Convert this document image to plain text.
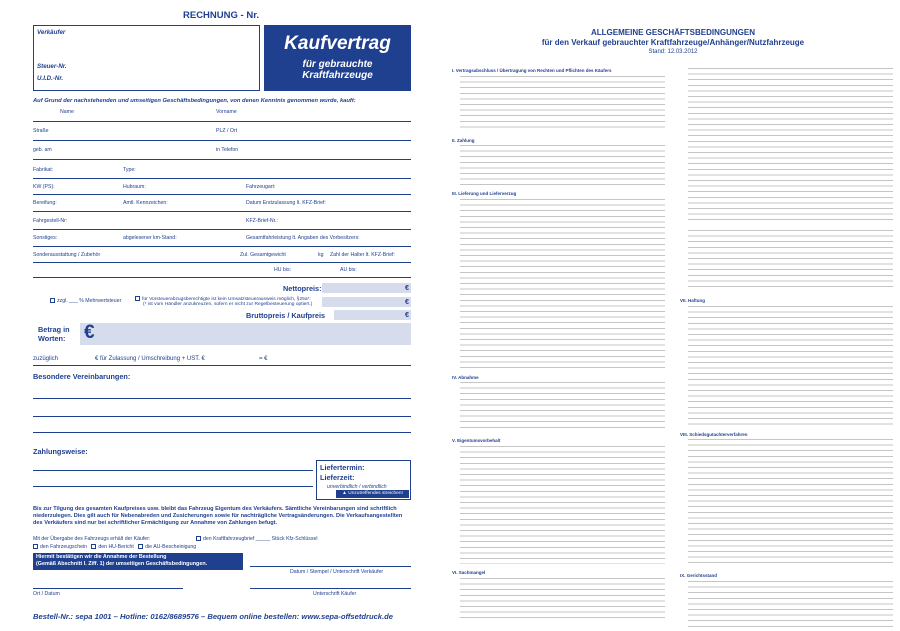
RECHNUNG - Nr.
Verkäufer
Steuer-Nr.
U.I.D.-Nr.
Kaufvertrag
für gebrauchte
Kraftfahrzeuge
Auf Grund der nachstehenden und umseitigen Geschäftsbedingungen, von denen Kenntnis genommen wurde, kauft:
Name	Vorname
Straße	PLZ / Ort
geb. am	in Telefon
Fabrikat:	Type:
KW (PS):	Hubraum:	Fahrzeugart:
Bereifung:	Amtl. Kennzeichen:	Datum Erstzulassung lt. KFZ-Brief:
Fahrgestell-Nr:	KFZ-Brief-Nr.:
Sonstiges:	abgelesener km-Stand:	Gesamtfahrleistung lt. Angaben des Vorbesitzers:
Sonderausstattung / Zubehör	Zul. Gesamtgewicht	kg Zahl der Halter lt. KFZ-Brief:
HU bis:	AU bis:
Nettopreis:	€
zzgl. ___ % Mehrwertsteuer	für Vorsteuerabzugsberechtigte ist kein Umsatzsteuerausweis möglich, §25a*:
(* ist vom Händler anzukreuzen, sofern er nicht zur Regelbesteuerung optiert.)	€
Bruttopreis / Kaufpreis	€
Betrag in
Worten: €
zuzüglich	€ für Zulassung / Umschreibung + UST. €	= €
Besondere Vereinbarungen:
Zahlungsweise:
Liefertermin:
Lieferzeit:
unverbindlich / verbindlich
▲ Unzutreffendes streichen!
Bis zur Tilgung des gesamten Kaufpreises usw. bleibt das Fahrzeug Eigentum des Verkäufers. Sämtliche Vereinbarungen sind schriftlich niederzulegen. Dies gilt auch für Nebenabreden und Zusicherungen sowie für nachträgliche Vertragsänderungen. Die Verkaufsangestellten des Verkäufers sind nur bei schriftlicher Ermächtigung zur Annahme von Zahlungen befugt.
Mit der Übergabe des Fahrzeugs erhält der Käufer:	den Kraftfahrzeugbrief _____ Stück Kfz-Schlüssel
den Fahrzeugschein den HU-Bericht die AU-Bescheinigung
Hiermit bestätigen wir die Annahme der Bestellung
(Gemäß Abschnitt I. Ziff. 1) der umseitigen Geschäftsbedingungen.
Datum / Stempel / Unterschrift Verkäufer
Ort / Datum	Unterschrift Käufer
Bestell-Nr.: sepa 1001 – Hotline: 0162/8689576 – Bequem online bestellen: www.sepa-offsetdruck.de
ALLGEMEINE GESCHÄFTSBEDINGUNGEN
für den Verkauf gebrauchter Kraftfahrzeuge/Anhänger/Nutzfahrzeuge
Stand: 12.03.2012
I. Vertragsabschluss / Übertragung von Rechten und Pflichten des Käufers
II. Zahlung
III. Lieferung und Lieferverzug
IV. Abnahme
V. Eigentumsvorbehalt
VI. Sachmangel
VII. Haftung
VIII. Schiedsgutachterverfahren
IX. Gerichtsstand
